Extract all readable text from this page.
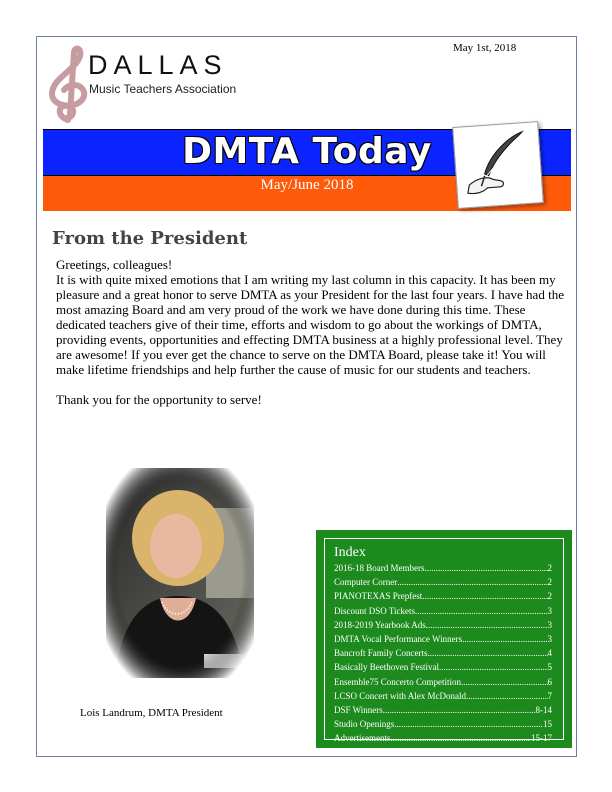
DALLAS
Music Teachers Association
May 1st, 2018
DMTA Today
May/June 2018
From the President

Greetings, colleagues!

It is with quite mixed emotions that I am writing my last column in this capacity. It has been my pleasure and a great honor to serve DMTA as your President for the last four years. I have had the most amazing Board and am very proud of the work we have done during this time. These dedicated teachers give of their time, efforts and wisdom to go about the workings of DMTA, providing events, opportunities and effecting DMTA business at a highly professional level. They are awesome! If you ever get the chance to serve on the DMTA Board, please take it! You will make lifetime friendships and help further the cause of music for our students and teachers.

Thank you for the opportunity to serve!

Lois Landrum, DMTA President
Index
2016-18 Board Members .....	2
Computer Corner .....	2
PIANOTEXAS Prepfest .....	2
Discount DSO Tickets .....	3
2018-2019 Yearbook Ads .....	3
DMTA Vocal Performance Winners .....	3
Bancroft Family Concerts .....	4
Basically Beethoven Festival .....	5
Ensemble75 Concerto Competition .....	6
LCSO Concert with Alex McDonald .....	7
DSF Winners .....	8-14
Studio Openings .....	15
Advertisements .....	15-17
